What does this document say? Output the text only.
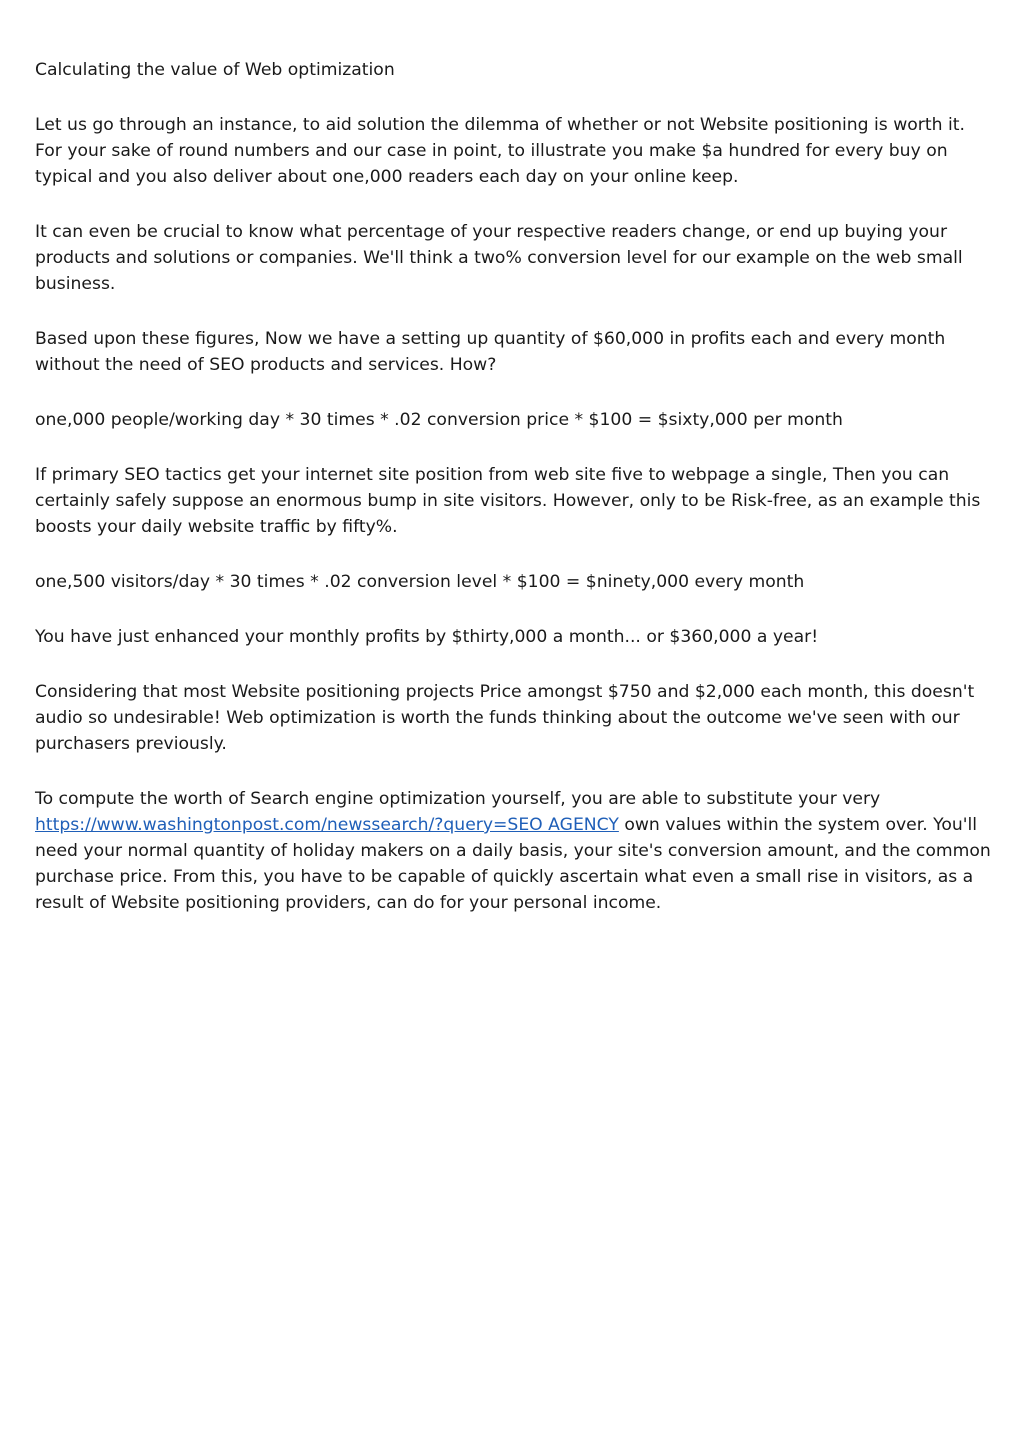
Calculating the value of Web optimization

Let us go through an instance, to aid solution the dilemma of whether or not Website positioning is worth it. For your sake of round numbers and our case in point, to illustrate you make $a hundred for every buy on typical and you also deliver about one,000 readers each day on your online keep.

It can even be crucial to know what percentage of your respective readers change, or end up buying your products and solutions or companies. We'll think a two% conversion level for our example on the web small business.

Based upon these figures, Now we have a setting up quantity of $60,000 in profits each and every month without the need of SEO products and services. How?

one,000 people/working day * 30 times * .02 conversion price * $100 = $sixty,000 per month

If primary SEO tactics get your internet site position from web site five to webpage a single, Then you can certainly safely suppose an enormous bump in site visitors. However, only to be Risk-free, as an example this boosts your daily website traffic by fifty%.

one,500 visitors/day * 30 times * .02 conversion level * $100 = $ninety,000 every month

You have just enhanced your monthly profits by $thirty,000 a month... or $360,000 a year!

Considering that most Website positioning projects Price amongst $750 and $2,000 each month, this doesn't audio so undesirable! Web optimization is worth the funds thinking about the outcome we've seen with our purchasers previously.

To compute the worth of Search engine optimization yourself, you are able to substitute your very https://www.washingtonpost.com/newssearch/?query=SEO AGENCY own values within the system over. You'll need your normal quantity of holiday makers on a daily basis, your site's conversion amount, and the common purchase price. From this, you have to be capable of quickly ascertain what even a small rise in visitors, as a result of Website positioning providers, can do for your personal income.
